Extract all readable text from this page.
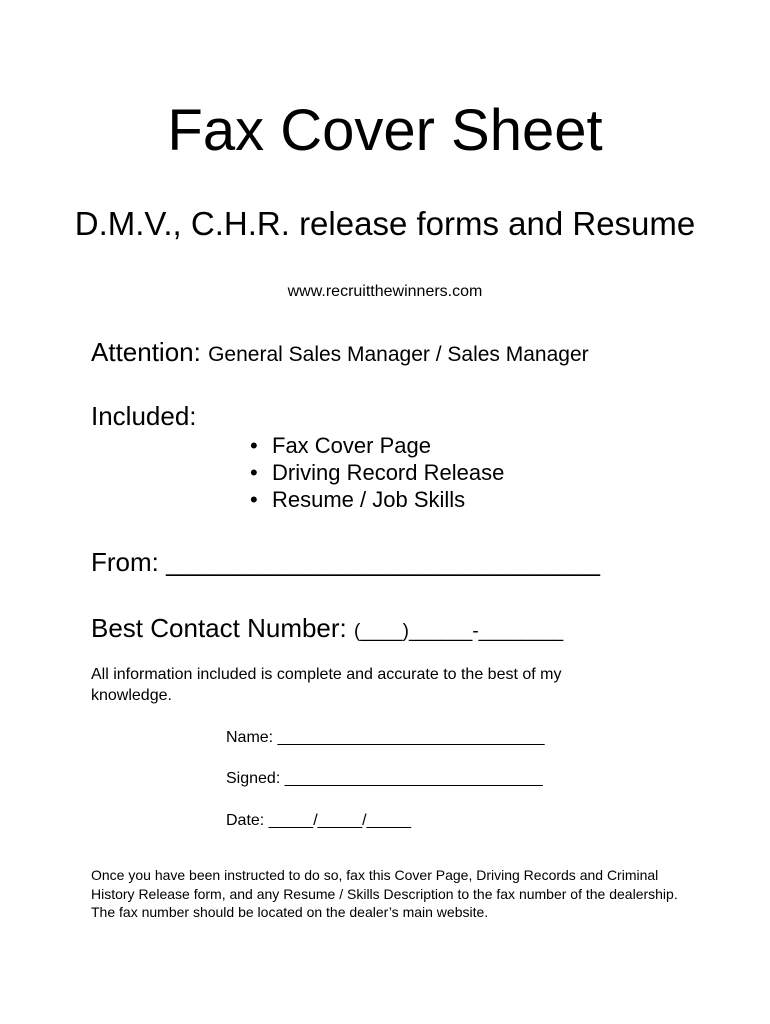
Fax Cover Sheet
D.M.V., C.H.R. release forms and Resume
www.recruitthewinners.com
Attention: General Sales Manager / Sales Manager
Included:
• Fax Cover Page
• Driving Record Release
• Resume / Job Skills
From: ______________________________
Best Contact Number: (____)______-________
All information included is complete and accurate to the best of my knowledge.
Name: ______________________________
Signed: _____________________________
Date: _____/_____/_____
Once you have been instructed to do so, fax this Cover Page, Driving Records and Criminal History Release form, and any Resume / Skills Description to the fax number of the dealership. The fax number should be located on the dealer’s main website.
